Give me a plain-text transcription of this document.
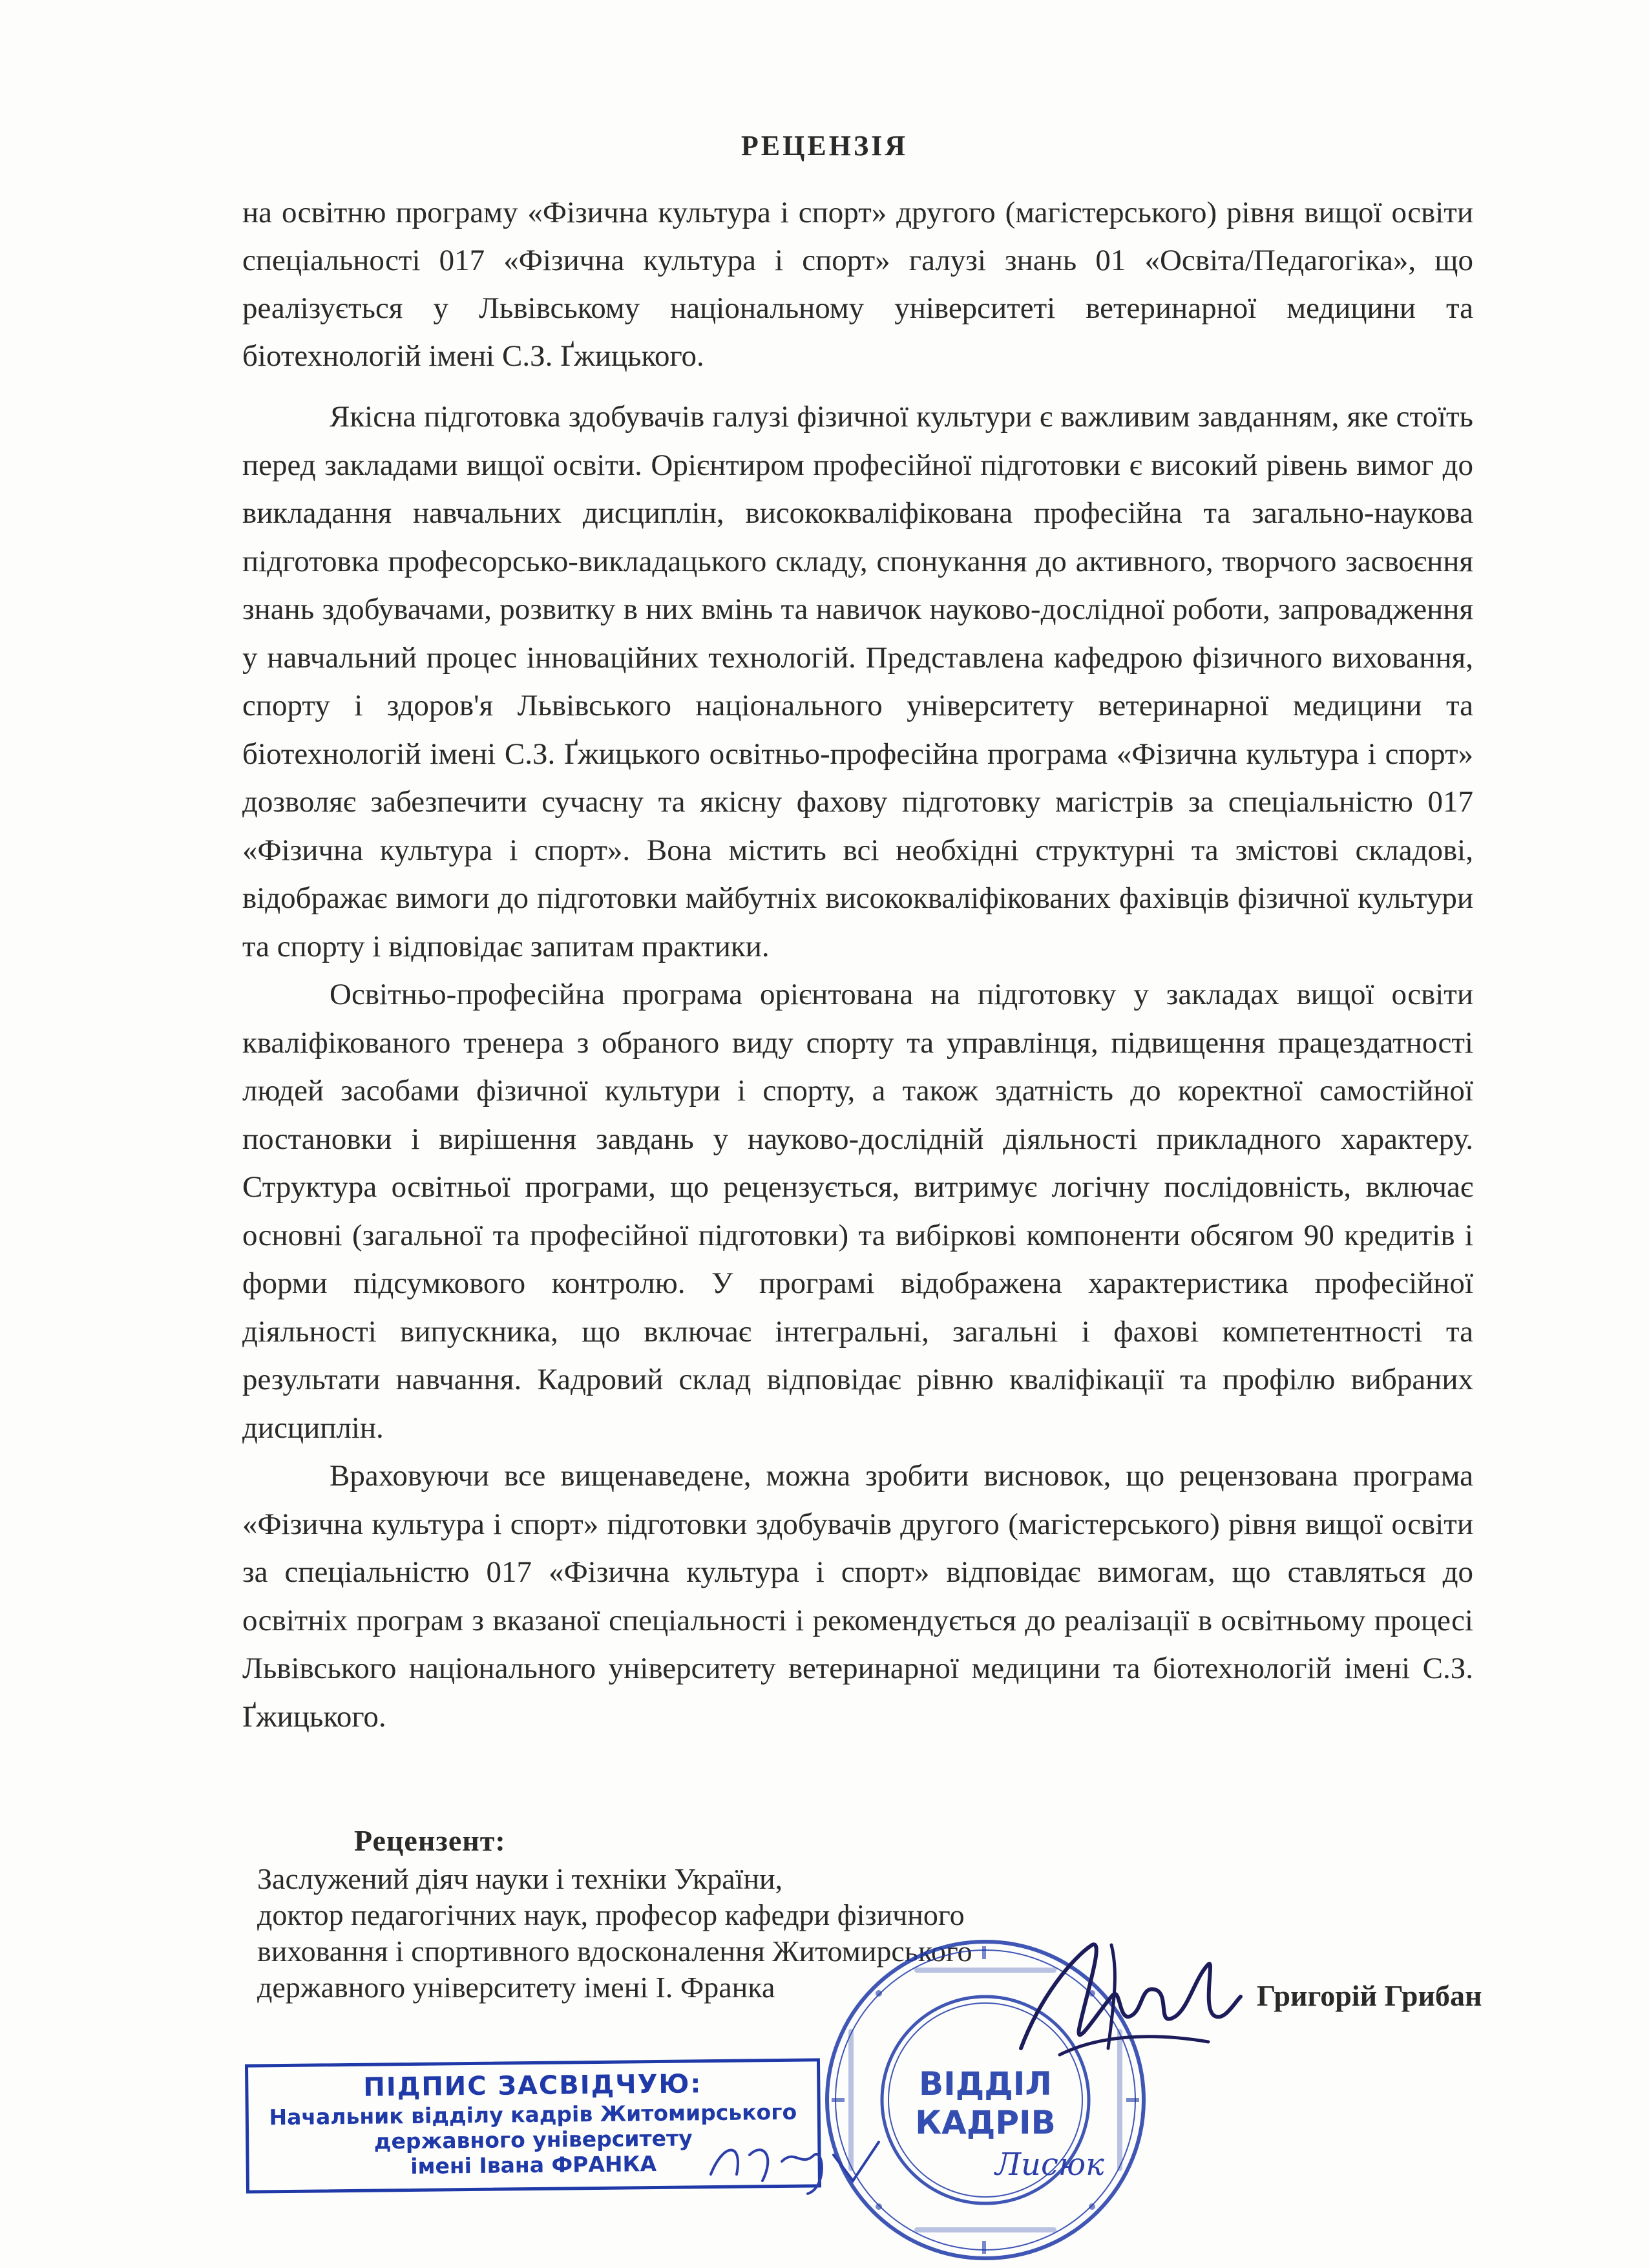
РЕЦЕНЗІЯ
на освітню програму «Фізична культура і спорт» другого (магістерського) рівня вищої освіти спеціальності 017 «Фізична культура і спорт» галузі знань 01 «Освіта/Педагогіка», що реалізується у Львівському національному університеті ветеринарної медицини та біотехнологій імені С.З. Ґжицького.

Якісна підготовка здобувачів галузі фізичної культури є важливим завданням, яке стоїть перед закладами вищої освіти. Орієнтиром професійної підготовки є високий рівень вимог до викладання навчальних дисциплін, висококваліфікована професійна та загально-наукова підготовка професорсько-викладацького складу, спонукання до активного, творчого засвоєння знань здобувачами, розвитку в них вмінь та навичок науково-дослідної роботи, запровадження у навчальний процес інноваційних технологій. Представлена кафедрою фізичного виховання, спорту і здоров'я Львівського національного університету ветеринарної медицини та біотехнологій імені С.З. Ґжицького освітньо-професійна програма «Фізична культура і спорт» дозволяє забезпечити сучасну та якісну фахову підготовку магістрів за спеціальністю 017 «Фізична культура і спорт». Вона містить всі необхідні структурні та змістові складові, відображає вимоги до підготовки майбутніх висококваліфікованих фахівців фізичної культури та спорту і відповідає запитам практики.

Освітньо-професійна програма орієнтована на підготовку у закладах вищої освіти кваліфікованого тренера з обраного виду спорту та управлінця, підвищення працездатності людей засобами фізичної культури і спорту, а також здатність до коректної самостійної постановки і вирішення завдань у науково-дослідній діяльності прикладного характеру. Структура освітньої програми, що рецензується, витримує логічну послідовність, включає основні (загальної та професійної підготовки) та вибіркові компоненти обсягом 90 кредитів і форми підсумкового контролю. У програмі відображена характеристика професійної діяльності випускника, що включає інтегральні, загальні і фахові компетентності та результати навчання. Кадровий склад відповідає рівню кваліфікації та профілю вибраних дисциплін.

Враховуючи все вищенаведене, можна зробити висновок, що рецензована програма «Фізична культура і спорт» підготовки здобувачів другого (магістерського) рівня вищої освіти за спеціальністю 017 «Фізична культура і спорт» відповідає вимогам, що ставляться до освітніх програм з вказаної спеціальності і рекомендується до реалізації в освітньому процесі Львівського національного університету ветеринарної медицини та біотехнологій імені С.З. Ґжицького.

Рецензент:
Заслужений діяч науки і техніки України,
доктор педагогічних наук, професор кафедри фізичного
виховання і спортивного вдосконалення Житомирського
державного університету імені І. Франка	Григорій Грибан
ВІДДІЛ
КАДРІВ
ПІДПИС ЗАСВІДЧУЮ:
Начальник відділу кадрів Житомирського
державного університету
імені Івана ФРАНКА	Лисюк
